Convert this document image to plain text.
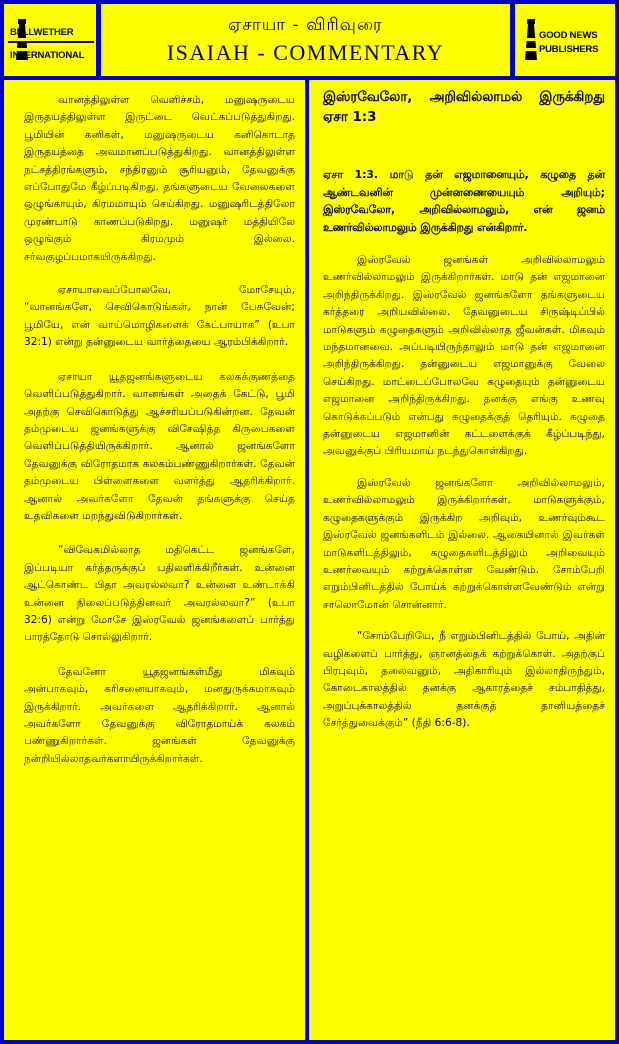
BELLWETHER
INTERNATIONAL
ஏசாயா - விரிவுரை
ISAIAH - COMMENTARY
GOOD NEWS
PUBLISHERS

வானத்திலுள்ள வெளிச்சம், மனுஷருடைய இருதயத்திலுள்ள இருட்டை வெட்கப்படுத்துகிறது. பூமியின் கனிகள், மனுஷருடைய கனிகொடாத இருதயத்தை அவமானப்படுத்துகிறது. வானத்திலுள்ள நட்சத்திரங்களும், சந்திரனும் சூரியனும், தேவனுக்கு எப்போதுமே கீழ்ப்படிகிறது. தங்களுடைய வேலைகளை ஒழுங்காயும், கிரமமாயும் செய்கிறது. மனுஷரிடத்திலோ முரண்பாடு காணப்படுகிறது. மனுஷர் மத்தியிலே ஒழுங்கும் கிரமமும் இல்லை. சர்வகுழப்பமாகயிருக்கிறது.

ஏசாயாவைப்போலவே, மோசேயும், “வானங்களே, செவிகொடுங்கள், நான் பேசுவேன்; பூமியே, என் வாய்மொழிகளைக் கேட்பாயாக” (உபா 32:1) என்று தன்னுடைய வார்த்தையை ஆரம்பிக்கிறார்.

ஏசாயா யூதஜனங்களுடைய கலகக்குணத்தை வெளிப்படுத்துகிறார். வானங்கள் அதைக் கேட்டு, பூமி அதற்கு செவிகொடுத்து ஆச்சரியப்படுகின்றன. தேவன் தம்முடைய ஜனங்களுக்கு விசேஷித்த கிருபைகளை வெளிப்படுத்தியிருக்கிறார். ஆனால் ஜனங்களோ தேவனுக்கு விரோதமாக கலகம்பண்ணுகிறார்கள். தேவன் தம்முடைய பிள்ளைகளை வளர்த்து ஆதரிக்கிறார். ஆனால் அவர்களோ தேவன் தங்களுக்கு செய்த உதவிகளை மறந்துவிடுகிறார்கள்.

“விவேகமில்லாத மதிகெட்ட ஜனங்களே, இப்படியா கர்த்தருக்குப் பதிலளிக்கிறீர்கள். உன்னை ஆட்கொண்ட பிதா அவரல்லவா? உன்னை உண்டாக்கி உன்னை நிலைப்படுத்தினவர் அவரல்லவா?” (உபா 32:6) என்று மோசே இஸ்ரவேல் ஜனங்களைப் பார்த்து பாரத்தோடு சொல்லுகிறார்.

தேவனோ யூதஜனங்கள்மீது மிகவும் அன்பாகவும், கரிசனையாகவும், மனதுருக்கமாகவும் இருக்கிறார். அவர்களை ஆதரிக்கிறார். ஆனால் அவர்களோ தேவனுக்கு விரோதமாய்க் கலகம் பண்ணுகிறார்கள். ஜனங்கள் தேவனுக்கு நன்றியில்லாதவர்களாயிருக்கிறார்கள்.

இஸ்ரவேலோ, அறிவில்லாமல் இருக்கிறது ஏசா 1:3

ஏசா 1:3. மாடு தன் எஜமானையும், கழுதை தன் ஆண்டவனின் முன்னணையையும் அறியும்; இஸ்ரவேலோ, அறிவில்லாமலும், என் ஜனம் உணர்வில்லாமலும் இருக்கிறது என்கிறார்.

இஸ்ரவேல் ஜனங்கள் அறிவில்லாமலும் உணர்வில்லாமலும் இருக்கிறார்கள். மாடு தன் எஜமானை அறிந்திருக்கிறது. இஸ்ரவேல் ஜனங்களோ தங்களுடைய கர்த்தரை அறியவில்லை. தேவனுடைய சிருஷ்டிப்பில் மாடுகளும் கழுதைகளும் அறிவில்லாத ஜீவன்கள். மிகவும் மந்தமானவை. அப்படியிருந்தாலும் மாடு தன் எஜமானை அறிந்திருக்கிறது. தன்னுடைய எஜமானுக்கு வேலை செய்கிறது. மாட்டைப்போலவே கழுதையும் தன்னுடைய எஜமானை அறிந்திருக்கிறது. தனக்கு எங்கு உணவு கொடுக்கப்படும் என்பது கழுதைக்குத் தெரியும். கழுதை தன்னுடைய எஜமானின் கட்டளைக்குக் கீழ்ப்படிந்து, அவனுக்குப் பிரியமாய் நடந்துகொள்கிறது.

இஸ்ரவேல் ஜனங்களோ அறிவில்லாமலும், உணர்வில்லாமலும் இருக்கிறார்கள். மாடுகளுக்கும், கழுதைகளுக்கும் இருக்கிற அறிவும், உணர்வும்கூட இஸ்ரவேல் ஜனங்களிடம் இல்லை. ஆகையினால் இவர்கள் மாடுகளிடத்திலும், கழுதைகளிடத்திலும் அறிவையும் உணர்வையும் கற்றுக்கொள்ள வேண்டும். சோம்பேறி எறும்பினிடத்தில் போய்க் கற்றுக்கொள்ளவேண்டும் என்று சாலொமோன் சொன்னார்.

“சோம்பேறியே, நீ எறும்பினிடத்தில் போய், அதின் வழிகளைப் பார்த்து, ஞானத்தைக் கற்றுக்கொள். அதற்குப் பிரபுவும், தலைவனும், அதிகாரியும் இல்லாதிருந்தும், கோடைகாலத்தில் தனக்கு ஆகாரத்தைச் சம்பாதித்து, அறுப்புக்காலத்தில் தனக்குத் தானியத்தைச் சேர்த்துவைக்கும்” (நீதி 6:6-8).
